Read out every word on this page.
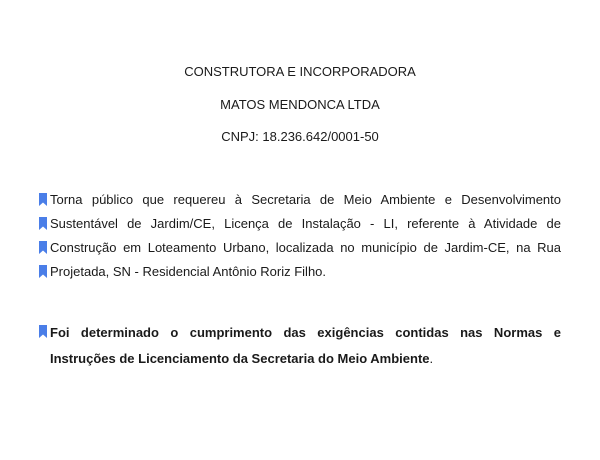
CONSTRUTORA E INCORPORADORA
MATOS MENDONCA LTDA
CNPJ: 18.236.642/0001-50
Torna público que requereu à Secretaria de Meio Ambiente e Desenvolvimento
Sustentável de Jardim/CE, Licença de Instalação - LI, referente à Atividade de
Construção em Loteamento Urbano, localizada no município de Jardim-CE, na Rua
Projetada, SN - Residencial Antônio Roriz Filho.
Foi determinado o cumprimento das exigências contidas nas Normas e
Instruções de Licenciamento da Secretaria do Meio Ambiente.
